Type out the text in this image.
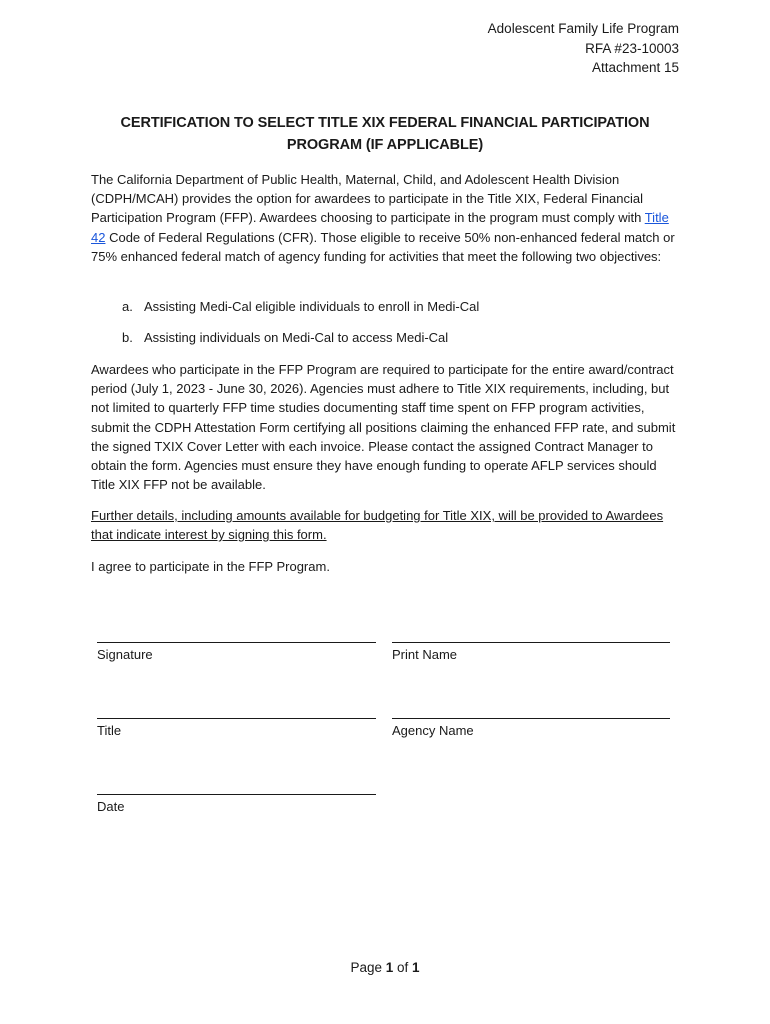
Adolescent Family Life Program
RFA #23-10003
Attachment 15
CERTIFICATION TO SELECT TITLE XIX FEDERAL FINANCIAL PARTICIPATION
PROGRAM (IF APPLICABLE)

The California Department of Public Health, Maternal, Child, and Adolescent Health Division (CDPH/MCAH) provides the option for awardees to participate in the Title XIX, Federal Financial Participation Program (FFP). Awardees choosing to participate in the program must comply with Title 42 Code of Federal Regulations (CFR). Those eligible to receive 50% non-enhanced federal match or 75% enhanced federal match of agency funding for activities that meet the following two objectives:

a. Assisting Medi-Cal eligible individuals to enroll in Medi-Cal
b. Assisting individuals on Medi-Cal to access Medi-Cal

Awardees who participate in the FFP Program are required to participate for the entire award/contract period (July 1, 2023 - June 30, 2026). Agencies must adhere to Title XIX requirements, including, but not limited to quarterly FFP time studies documenting staff time spent on FFP program activities, submit the CDPH Attestation Form certifying all positions claiming the enhanced FFP rate, and submit the signed TXIX Cover Letter with each invoice. Please contact the assigned Contract Manager to obtain the form. Agencies must ensure they have enough funding to operate AFLP services should Title XIX FFP not be available.

Further details, including amounts available for budgeting for Title XIX, will be provided to Awardees that indicate interest by signing this form.

I agree to participate in the FFP Program.

Signature	Print Name
Title	Agency Name
Date
Page 1 of 1
